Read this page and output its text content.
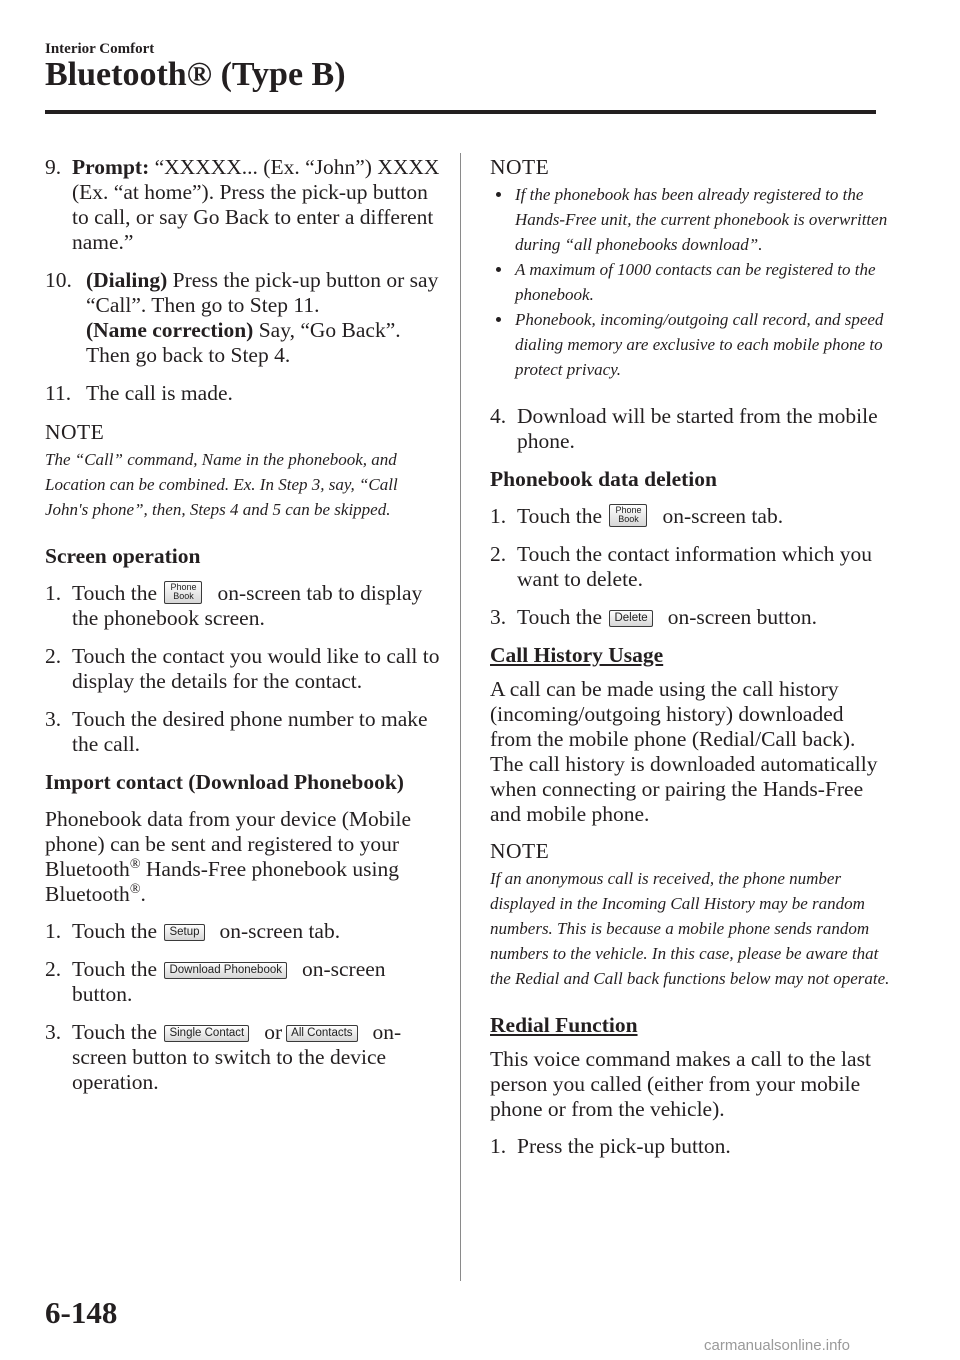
Interior Comfort
Bluetooth® (Type B)
9. Prompt: “XXXXX... (Ex. “John”) XXXX (Ex. “at home”). Press the pick-up button to call, or say Go Back to enter a different name.”

10. (Dialing) Press the pick-up button or say “Call”. Then go to Step 11.

(Name correction) Say, “Go Back”. Then go back to Step 4.

11. The call is made.

NOTE

The “Call” command, Name in the phonebook, and Location can be combined. Ex. In Step 3, say, “Call John's phone”, then, Steps 4 and 5 can be skipped.

Screen operation
1. Touch the Phone
Book on-screen tab to display the phonebook screen.

2. Touch the contact you would like to call to display the details for the contact.

3. Touch the desired phone number to make the call.

Import contact (Download Phonebook)

Phonebook data from your device (Mobile phone) can be sent and registered to your Bluetooth® Hands-Free phonebook using Bluetooth®.

1. Touch the Setup on-screen tab.

2. Touch the Download Phonebook on-screen button.

3. Touch the Single Contact or All Contacts on-screen button to switch to the device operation.

NOTE
If the phonebook has been already registered to the Hands-Free unit, the current phonebook is overwritten during “all phonebooks download”.
A maximum of 1000 contacts can be registered to the phonebook.
Phonebook, incoming/outgoing call record, and speed dialing memory are exclusive to each mobile phone to protect privacy.
4. Download will be started from the mobile phone.

Phonebook data deletion
1. Touch the Phone
Book on-screen tab.

2. Touch the contact information which you want to delete.

3. Touch the Delete on-screen button.

Call History Usage

A call can be made using the call history (incoming/outgoing history) downloaded from the mobile phone (Redial/Call back). The call history is downloaded automatically when connecting or pairing the Hands-Free and mobile phone.

NOTE

If an anonymous call is received, the phone number displayed in the Incoming Call History may be random numbers. This is because a mobile phone sends random numbers to the vehicle. In this case, please be aware that the Redial and Call back functions below may not operate.

Redial Function

This voice command makes a call to the last person you called (either from your mobile phone or from the vehicle).

1. Press the pick-up button.

6-148
carmanualsonline.info
